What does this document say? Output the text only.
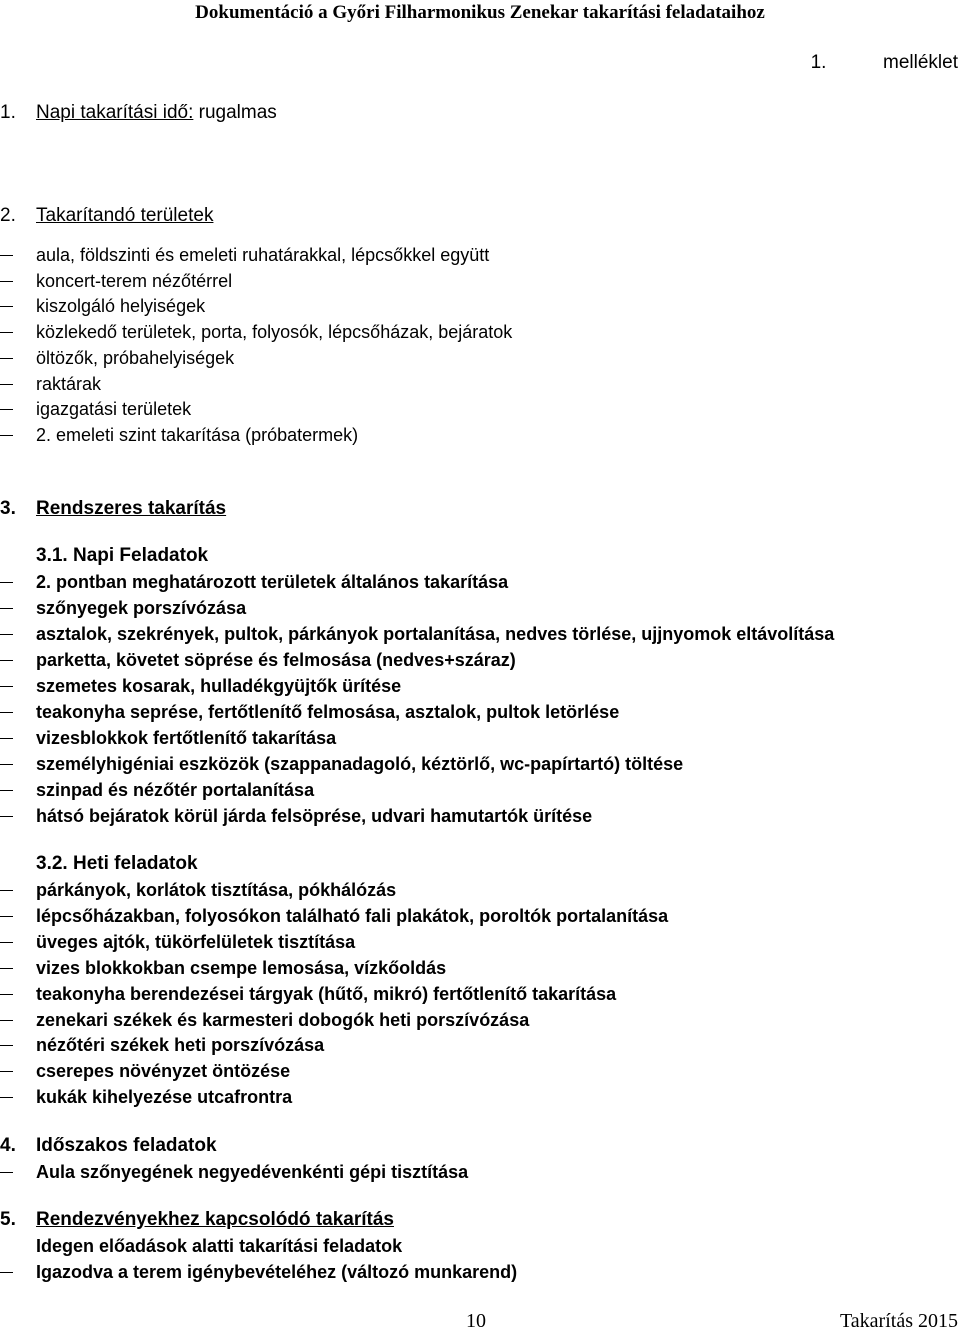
Dokumentáció a Győri Filharmonikus Zenekar takarítási feladataihoz
1.	melléklet
1. Napi takarítási idő: rugalmas
2. Takarítandó területek
aula, földszinti és emeleti ruhatárakkal, lépcsőkkel együtt
koncert-terem nézőtérrel
kiszolgáló helyiségek
közlekedő területek, porta, folyosók, lépcsőházak, bejáratok
öltözők, próbahelyiségek
raktárak
igazgatási területek
2. emeleti szint takarítása (próbatermek)
3. Rendszeres takarítás
3.1. Napi Feladatok
2. pontban meghatározott területek általános takarítása
szőnyegek porszívózása
asztalok, szekrények, pultok, párkányok portalanítása, nedves törlése, ujjnyomok eltávolítása
parketta, követet söprése és felmosása (nedves+száraz)
szemetes kosarak, hulladékgyüjtők ürítése
teakonyha seprése, fertőtlenítő felmosása, asztalok, pultok letörlése
vizesblokkok fertőtlenítő takarítása
személyhigéniai eszközök (szappanadagoló, kéztörlő, wc-papírtartó) töltése
szinpad és nézőtér portalanítása
hátsó bejáratok körül járda felsöprése, udvari hamutartók ürítése
3.2. Heti feladatok
párkányok, korlátok tisztítása, pókhálózás
lépcsőházakban, folyosókon található fali plakátok, poroltók portalanítása
üveges ajtók, tükörfelületek tisztítása
vizes blokkokban csempe lemosása, vízkőoldás
teakonyha berendezései tárgyak (hűtő, mikró) fertőtlenítő takarítása
zenekari székek és karmesteri dobogók heti porszívózása
nézőtéri székek heti porszívózása
cserepes növényzet öntözése
kukák kihelyezése utcafrontra
4. Időszakos feladatok
Aula szőnyegének negyedévenkénti gépi tisztítása
5. Rendezvényekhez kapcsolódó takarítás
Idegen előadások alatti takarítási feladatok
Igazodva a terem igénybevételéhez (változó munkarend)
10	Takarítás 2015
